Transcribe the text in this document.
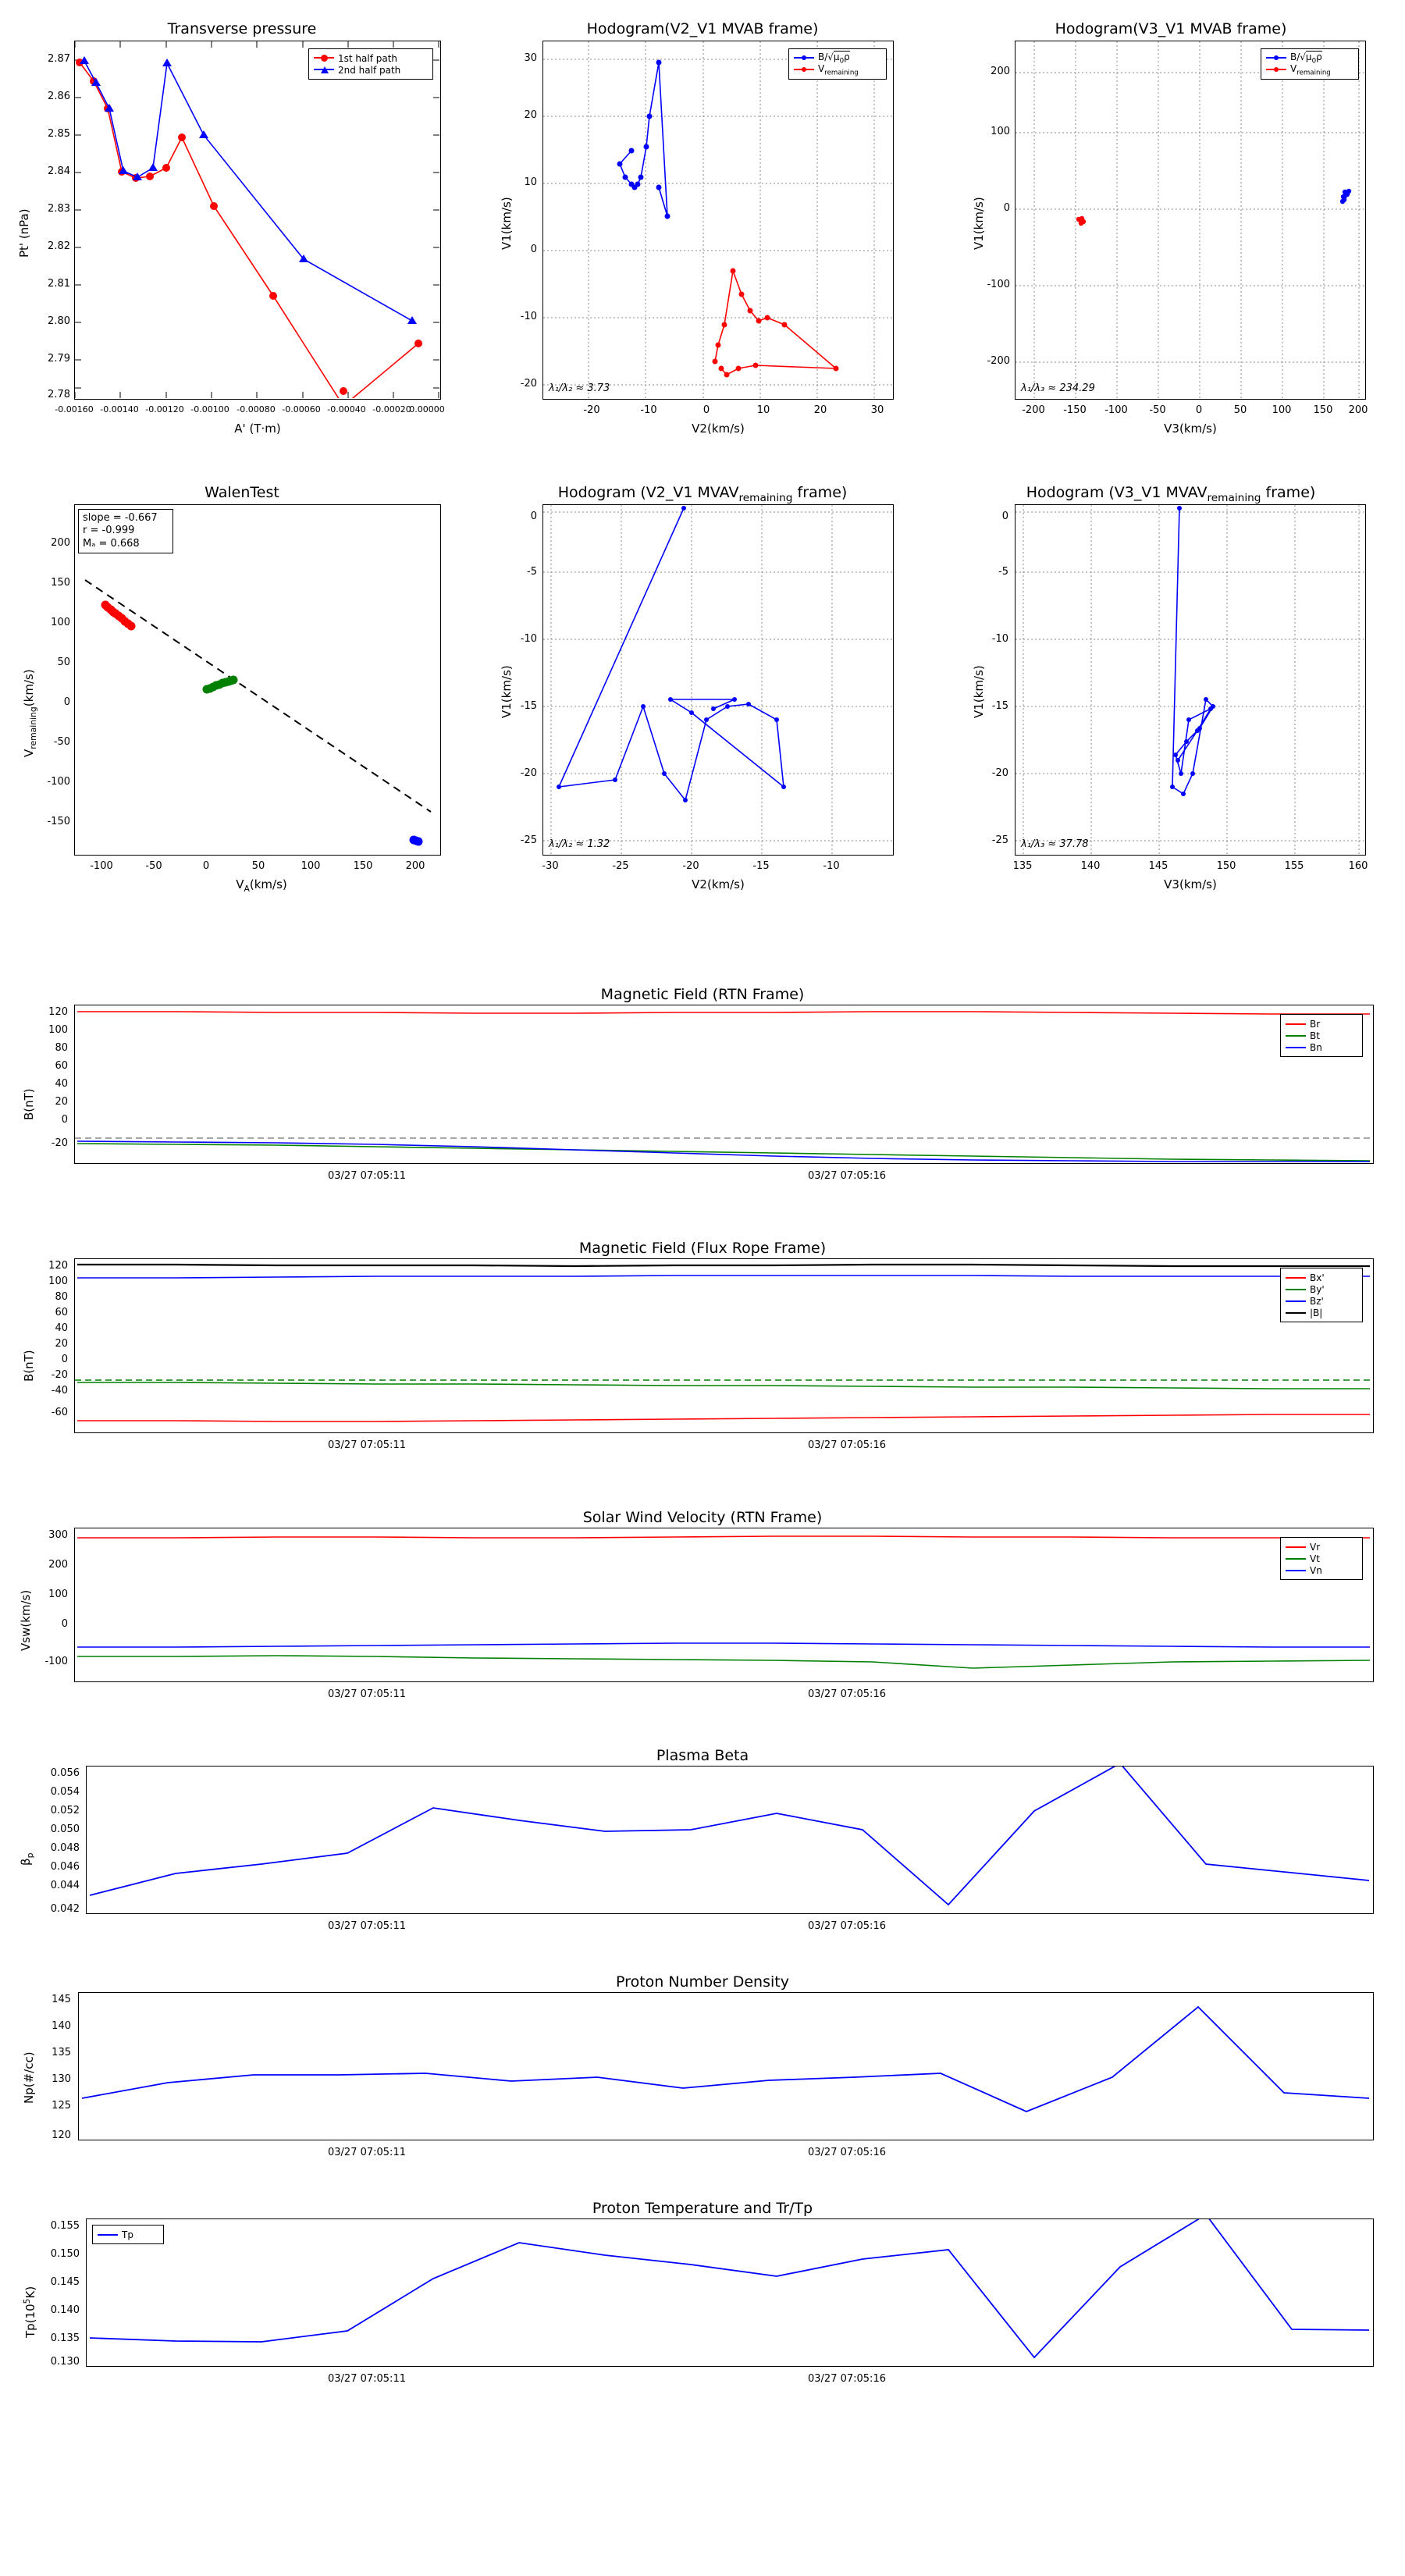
Transverse pressure
Pt' (nPa)
1st half path
2nd half path
2.87
2.86
2.85
2.84
2.83
2.82
2.81
2.80
2.79
2.78
-0.00160 -0.00140 -0.00120 -0.00100 -0.00080 -0.00060 -0.00040 -0.00020
0.00000
A' (T·m)
Hodogram(V2_V1 MVAB frame)
V1(km/s)
$B/√\mu_0\rho$
$V_{remaining}$
λ₁/λ₂ ≈ 3.73
30
20
10
0
-10
-20
-20	-10	0	10	20	30
V2(km/s)
Hodogram(V3_V1 MVAB frame)
V1(km/s)
$B/√\mu_0\rho$
$V_{remaining}$
λ₁/λ₃ ≈ 234.29
200
100
0
-100
-200
-200	-150	-100	-50	0	50	100	150	200
V3(km/s)
WalenTest
$V_{remaining}(km/s)$
slope = -0.667
r = -0.999
Mₐ = 0.668
200
150
100
50
0
-50
-100
-150
-100	-50	0	50	100	150	200
$V_A(km/s)$
Hodogram (V2_V1 $MVAV_{remaining}$ frame)
V1(km/s)
λ₁/λ₂ ≈ 1.32
0
-5
-10
-15
-20
-25
-30	-25	-20	-15	-10
V2(km/s)
Hodogram (V3_V1 $MVAV_{remaining}$ frame)
V1(km/s)
λ₁/λ₃ ≈ 37.78
0
-5
-10
-15
-20
-25
135	140	145	150	155	160
V3(km/s)
Magnetic Field (RTN Frame)
B(nT)
Br
Bt
Bn
120
100
80
60
40
20
0
-20
03/27 07:05:11	03/27 07:05:16
Magnetic Field (Flux Rope Frame)
B(nT)
Bx'
By'
Bz'
|B|
120
100
80
60
40
20
0
-20
-40
-60
03/27 07:05:11	03/27 07:05:16
Solar Wind Velocity (RTN Frame)
Vsw(km/s)
Vr
Vt
Vn
300
200
100
0
-100
03/27 07:05:11	03/27 07:05:16
Plasma Beta
$\beta_p$
0.056
0.054
0.052
0.050
0.048
0.046
0.044
0.042
03/27 07:05:11	03/27 07:05:16
Proton Number Density
Np(#/cc)
145
140
135
130
125
120
03/27 07:05:11	03/27 07:05:16
Proton Temperature and Tr/Tp
$Tp(10^5K)$
Tp
0.155
0.150
0.145
0.140
0.135
0.130
03/27 07:05:11	03/27 07:05:16
